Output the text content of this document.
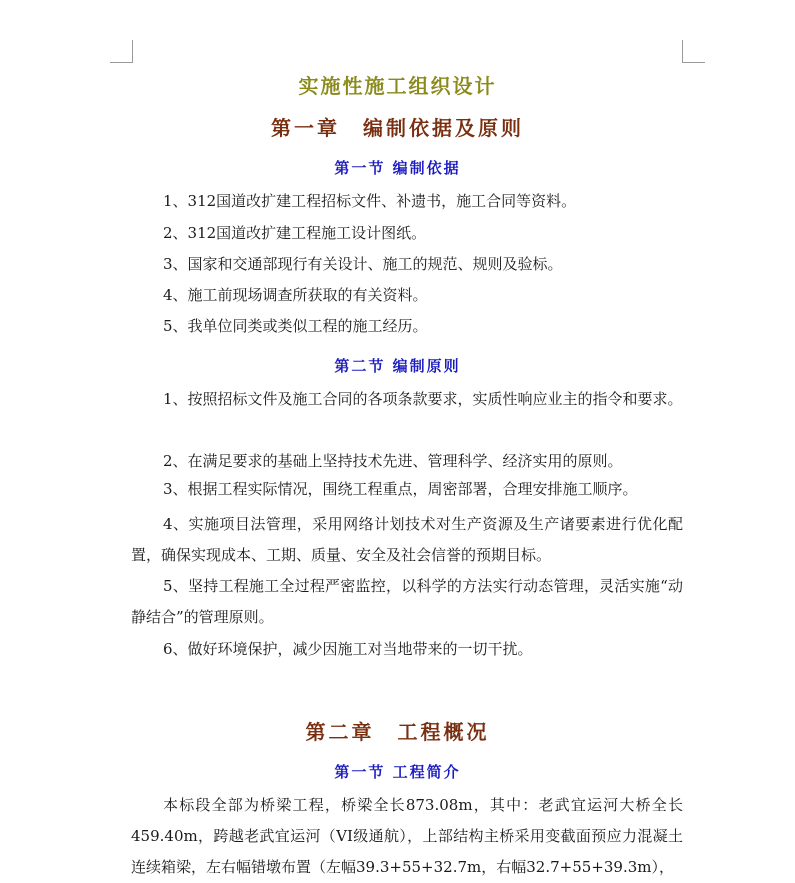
实施性施工组织设计
第一章　编制依据及原则
第一节 编制依据
1、312国道改扩建工程招标文件、补遗书，施工合同等资料。
2、312国道改扩建工程施工设计图纸。
3、国家和交通部现行有关设计、施工的规范、规则及验标。
4、施工前现场调查所获取的有关资料。
5、我单位同类或类似工程的施工经历。
第二节 编制原则
1、按照招标文件及施工合同的各项条款要求，实质性响应业主的指令和要求。
2、在满足要求的基础上坚持技术先进、管理科学、经济实用的原则。
3、根据工程实际情况，围绕工程重点，周密部署，合理安排施工顺序。
4、实施项目法管理，采用网络计划技术对生产资源及生产诸要素进行优化配置，确保实现成本、工期、质量、安全及社会信誉的预期目标。
5、坚持工程施工全过程严密监控，以科学的方法实行动态管理，灵活实施“动静结合”的管理原则。
6、做好环境保护，减少因施工对当地带来的一切干扰。
第二章　工程概况
第一节 工程简介
本标段全部为桥梁工程，桥梁全长873.08m，其中：老武宜运河大桥全长459.40m，跨越老武宜运河（VI级通航），上部结构主桥采用变截面预应力混凝土连续箱梁，左右幅错墩布置（左幅39.3+55+32.7m，右幅32.7+55+39.3m），
